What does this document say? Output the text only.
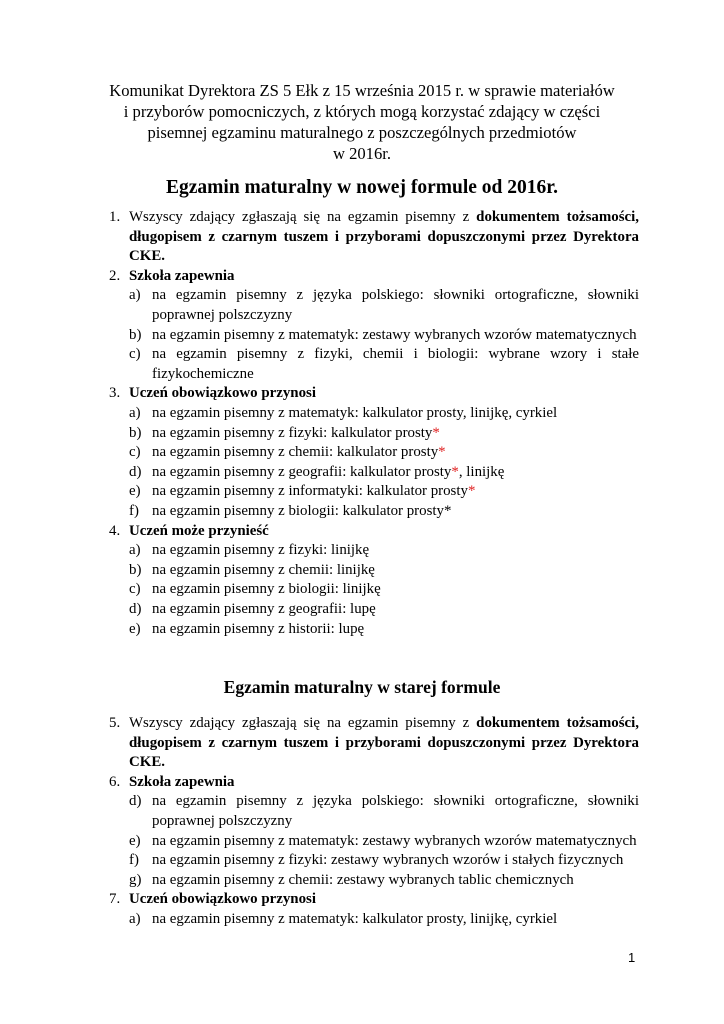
Komunikat Dyrektora ZS 5 Ełk z 15 września 2015 r. w sprawie materiałów
i przyborów pomocniczych, z których mogą korzystać zdający w części
pisemnej egzaminu maturalnego z poszczególnych przedmiotów
w 2016r.
Egzamin maturalny w nowej formule od 2016r.
1. Wszyscy zdający zgłaszają się na egzamin pisemny z dokumentem tożsamości,
długopisem z czarnym tuszem i przyborami dopuszczonymi przez Dyrektora
CKE.
2. Szkoła zapewnia
a) na egzamin pisemny z języka polskiego: słowniki ortograficzne, słowniki
poprawnej polszczyzny
b) na egzamin pisemny z matematyk: zestawy wybranych wzorów matematycznych
c) na egzamin pisemny z fizyki, chemii i biologii: wybrane wzory i stałe
fizykochemiczne
3. Uczeń obowiązkowo przynosi
a) na egzamin pisemny z matematyk: kalkulator prosty, linijkę, cyrkiel
b) na egzamin pisemny z fizyki: kalkulator prosty*
c) na egzamin pisemny z chemii: kalkulator prosty*
d) na egzamin pisemny z geografii: kalkulator prosty*, linijkę
e) na egzamin pisemny z informatyki: kalkulator prosty*
f) na egzamin pisemny z biologii: kalkulator prosty*
4. Uczeń może przynieść
a) na egzamin pisemny z fizyki: linijkę
b) na egzamin pisemny z chemii: linijkę
c) na egzamin pisemny z biologii: linijkę
d) na egzamin pisemny z geografii: lupę
e) na egzamin pisemny z historii: lupę
Egzamin maturalny w starej formule
5. Wszyscy zdający zgłaszają się na egzamin pisemny z dokumentem tożsamości,
długopisem z czarnym tuszem i przyborami dopuszczonymi przez Dyrektora
CKE.
6. Szkoła zapewnia
d) na egzamin pisemny z języka polskiego: słowniki ortograficzne, słowniki
poprawnej polszczyzny
e) na egzamin pisemny z matematyk: zestawy wybranych wzorów matematycznych
f) na egzamin pisemny z fizyki: zestawy wybranych wzorów i stałych fizycznych
g) na egzamin pisemny z chemii: zestawy wybranych tablic chemicznych
7. Uczeń obowiązkowo przynosi
a) na egzamin pisemny z matematyk: kalkulator prosty, linijkę, cyrkiel
1
